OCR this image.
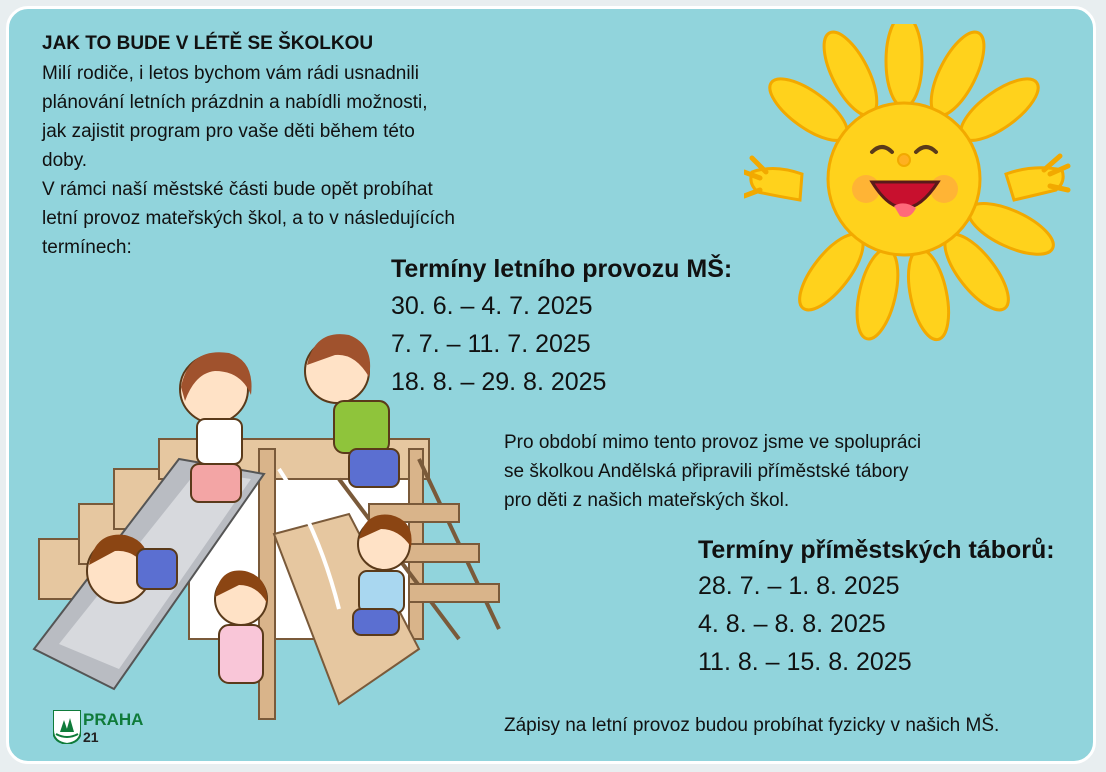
JAK TO BUDE V LÉTĚ SE ŠKOLKOU
Milí rodiče, i letos bychom vám rádi usnadnili
plánování letních prázdnin a nabídli možnosti,
jak zajistit program pro vaše děti během této
doby.
V rámci naší městské části bude opět probíhat
letní provoz mateřských škol, a to v následujících
termínech:
Termíny letního provozu MŠ:
30. 6. – 4. 7. 2025
7. 7. – 11. 7. 2025
18. 8. – 29. 8. 2025
Pro období mimo tento provoz jsme ve spolupráci
se školkou Andělská připravili příměstské tábory
pro děti z našich mateřských škol.
Termíny příměstských táborů:
28. 7. – 1. 8. 2025
4. 8. – 8. 8. 2025
11. 8. – 15. 8. 2025
Zápisy na letní provoz budou probíhat fyzicky v našich MŠ.
PRAHA
21
